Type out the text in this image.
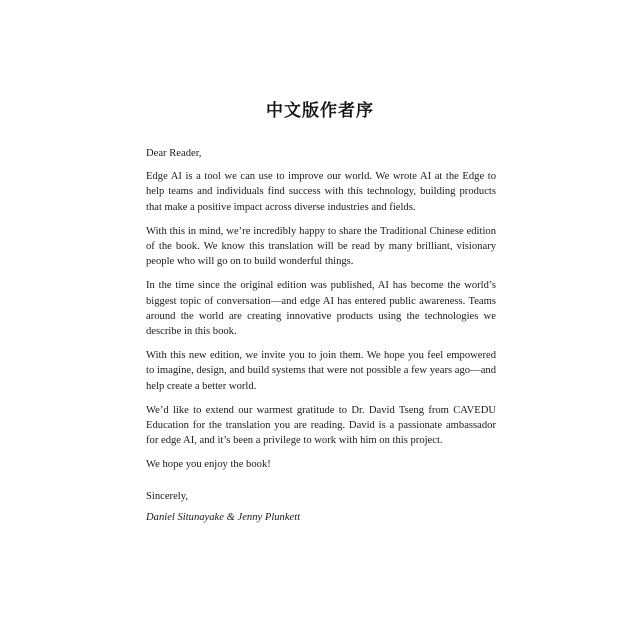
中文版作者序

Dear Reader,

Edge AI is a tool we can use to improve our world. We wrote AI at the Edge to help teams and individuals find success with this technology, building products that make a positive impact across diverse industries and fields.

With this in mind, we’re incredibly happy to share the Traditional Chinese edition of the book. We know this translation will be read by many brilliant, visionary people who will go on to build wonderful things.

In the time since the original edition was published, AI has become the world’s biggest topic of conversation—and edge AI has entered public awareness. Teams around the world are creating innovative products using the technologies we describe in this book.

With this new edition, we invite you to join them. We hope you feel empowered to imagine, design, and build systems that were not possible a few years ago—and help create a better world.

We’d like to extend our warmest gratitude to Dr. David Tseng from CAVEDU Education for the translation you are reading. David is a passionate ambassador for edge AI, and it’s been a privilege to work with him on this project.

We hope you enjoy the book!

Sincerely,
Daniel Situnayake & Jenny Plunkett
